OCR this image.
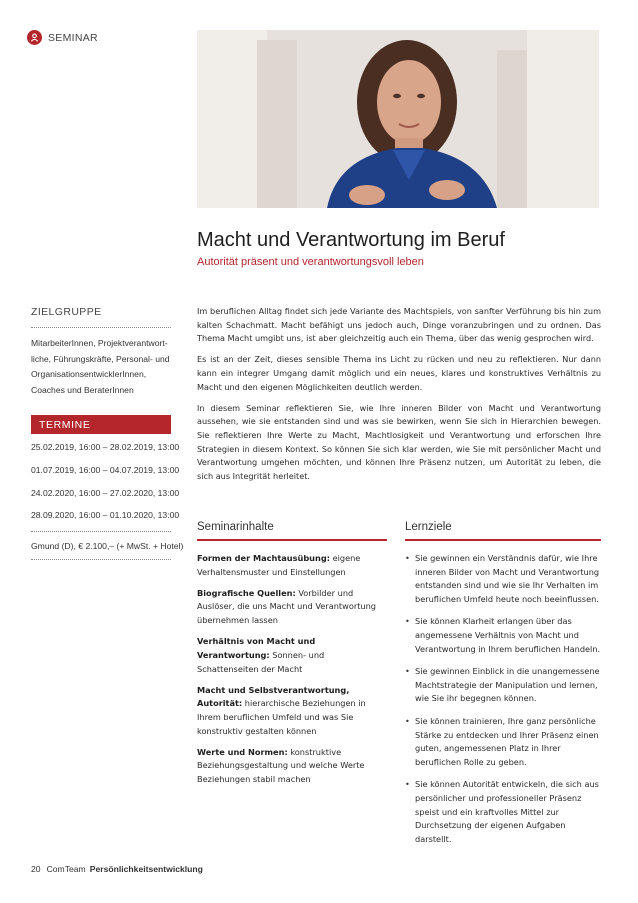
SEMINAR
Macht und Verantwortung im Beruf
Autorität präsent und verantwortungsvoll leben
ZIELGRUPPE
MitarbeiterInnen, Projektverantwort-
liche, Führungskräfte, Personal- und
OrganisationsentwicklerInnen,
Coaches und BeraterInnen
TERMINE
25.02.2019, 16:00 – 28.02.2019, 13:00
01.07.2019, 16:00 – 04.07.2019, 13:00
24.02.2020, 16:00 – 27.02.2020, 13:00
28.09.2020, 16:00 – 01.10.2020, 13:00
Gmund (D), € 2.100,– (+ MwSt. + Hotel)

Im beruflichen Alltag findet sich jede Variante des Machtspiels, von sanfter Verführung bis hin zum kalten Schachmatt. Macht befähigt uns jedoch auch, Dinge voranzubringen und zu ordnen. Das Thema Macht umgibt uns, ist aber gleichzeitig auch ein Thema, über das wenig gesprochen wird.

Es ist an der Zeit, dieses sensible Thema ins Licht zu rücken und neu zu reflektieren. Nur dann kann ein integrer Umgang damit möglich und ein neues, klares und konstruktives Verhältnis zu Macht und den eigenen Möglichkeiten deutlich werden.

In diesem Seminar reflektieren Sie, wie Ihre inneren Bilder von Macht und Verantwortung aussehen, wie sie entstanden sind und was sie bewirken, wenn Sie sich in Hierarchien bewegen. Sie reflektieren Ihre Werte zu Macht, Machtlosigkeit und Verantwortung und erforschen Ihre Strategien in diesem Kontext. So können Sie sich klar werden, wie Sie mit persönlicher Macht und Verantwortung umgehen möchten, und können Ihre Präsenz nutzen, um Autorität zu leben, die sich aus Integrität herleitet.

Seminarinhalte	Lernziele
Formen der Machtausübung: eigene Verhaltensmuster und Einstellungen
Biografische Quellen: Vorbilder und Auslöser, die uns Macht und Verantwortung übernehmen lassen
Verhältnis von Macht und Verantwortung: Sonnen- und Schattenseiten der Macht
Macht und Selbstverantwortung, Autorität: hierarchische Beziehungen in Ihrem beruflichen Umfeld und was Sie konstruktiv gestalten können
Werte und Normen: konstruktive Beziehungsgestaltung und welche Werte Beziehungen stabil machen
• Sie gewinnen ein Verständnis dafür, wie Ihre inneren Bilder von Macht und Verantwortung entstanden sind und wie sie Ihr Verhalten im beruflichen Umfeld heute noch beeinflussen.
• Sie können Klarheit erlangen über das angemessene Verhältnis von Macht und Verantwortung in Ihrem beruflichen Handeln.
• Sie gewinnen Einblick in die unangemessene Machtstrategie der Manipulation und lernen, wie Sie ihr begegnen können.
• Sie können trainieren, Ihre ganz persönliche Stärke zu entdecken und Ihrer Präsenz einen guten, angemessenen Platz in Ihrer beruflichen Rolle zu geben.
• Sie können Autorität entwickeln, die sich aus persönlicher und professioneller Präsenz speist und ein kraftvolles Mittel zur Durchsetzung der eigenen Aufgaben darstellt.
20 ComTeam Persönlichkeitsentwicklung
